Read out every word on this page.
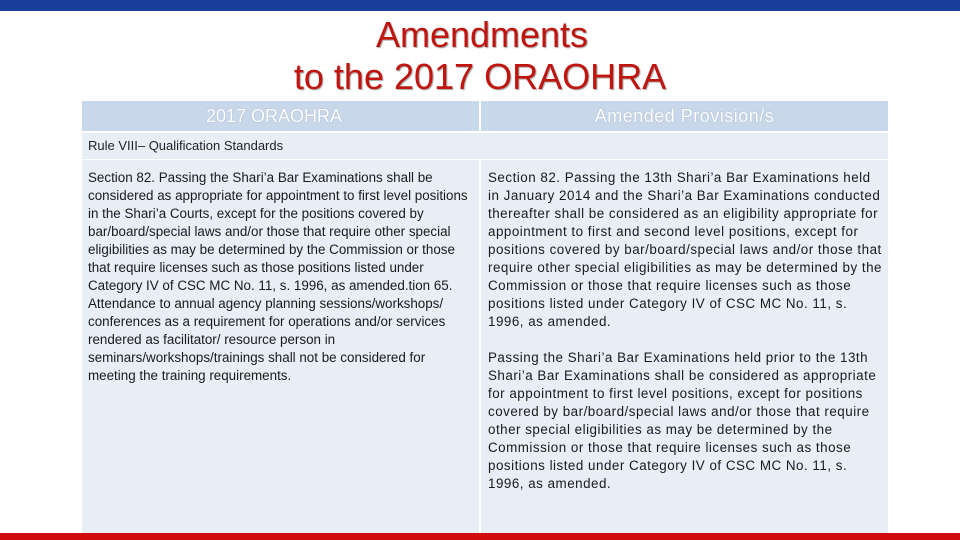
Amendments
to the 2017 ORAOHRA
2017 ORAOHRA	Amended Provision/s
Rule VIII– Qualification Standards
Section 82. Passing the Shari’a Bar Examinations shall be considered as appropriate for appointment to first level positions in the Shari’a Courts, except for the positions covered by bar/board/special laws and/or those that require other special eligibilities as may be determined by the Commission or those that require licenses such as those positions listed under Category IV of CSC MC No. 11, s. 1996, as amended.tion 65. Attendance to annual agency planning sessions/workshops/ conferences as a requirement for operations and/or services rendered as facilitator/ resource person in seminars/workshops/trainings shall not be considered for meeting the training requirements.

Section 82. Passing the 13th Shari’a Bar Examinations held in January 2014 and the Shari’a Bar Examinations conducted thereafter shall be considered as an eligibility appropriate for appointment to first and second level positions, except for positions covered by bar/board/special laws and/or those that require other special eligibilities as may be determined by the Commission or those that require licenses such as those positions listed under Category IV of CSC MC No. 11, s. 1996, as amended.

Passing the Shari’a Bar Examinations held prior to the 13th Shari’a Bar Examinations shall be considered as appropriate for appointment to first level positions, except for positions covered by bar/board/special laws and/or those that require other special eligibilities as may be determined by the Commission or those that require licenses such as those positions listed under Category IV of CSC MC No. 11, s. 1996, as amended.
